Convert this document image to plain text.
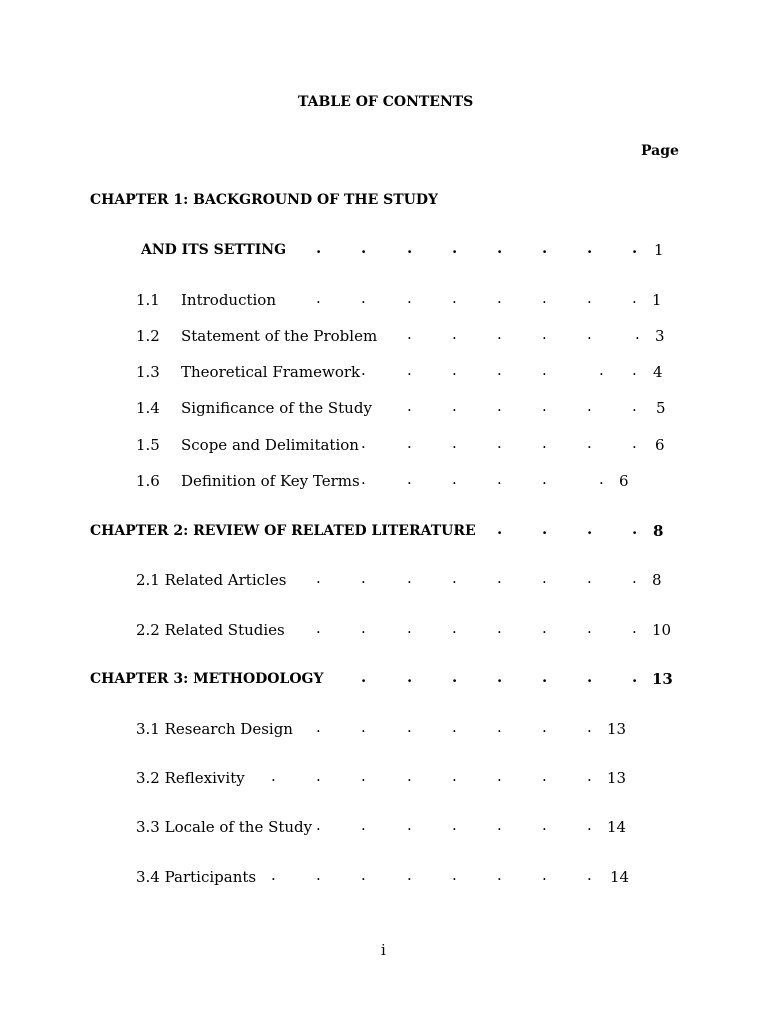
TABLE OF CONTENTS
Page
CHAPTER 1: BACKGROUND OF THE STUDY
AND ITS SETTING .	.	.	.	.	.	.	. 1
1.1 Introduction	.	.	.	.	.	.	.	. 1
1.2 Statement of the Problem .	.	.	.	.	. 3
1.3 Theoretical Framework .	.	.	.	.	. . 4
1.4 Significance of the Study .	.	.	.	.	. 5
1.5 Scope and Delimitation .	.	.	.	.	.	. 6
1.6 Definition of Key Terms .	.	.	.	.	. 6
CHAPTER 2: REVIEW OF RELATED LITERATURE .	.	.	. 8
2.1 Related Articles .	.	.	.	.	.	.	. 8
2.2 Related Studies .	.	.	.	.	.	.	. 10
CHAPTER 3: METHODOLOGY	.	.	.	.	.	.	. 13
3.1 Research Design .	.	.	.	.	.	. 13
3.2 Reflexivity .	.	.	.	.	.	.	. 13
3.3 Locale of the Study .	.	.	.	.	.	. 14
3.4 Participants .	.	.	.	.	.	.	. 14
i
